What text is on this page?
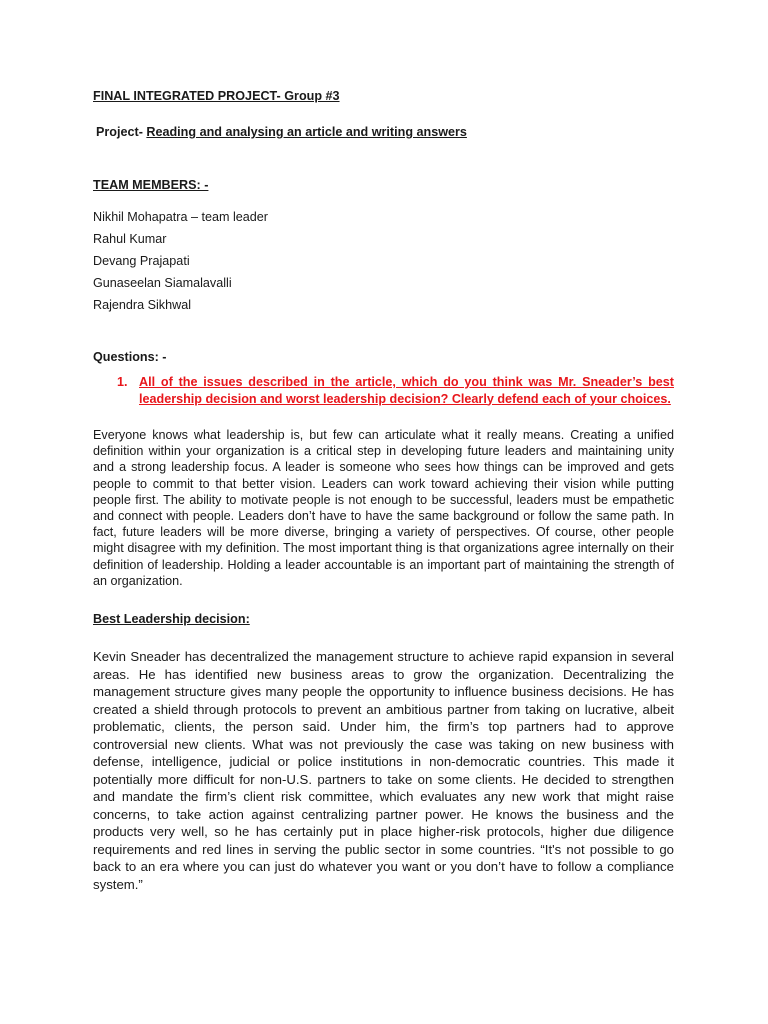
FINAL INTEGRATED PROJECT- Group #3
Project- Reading and analysing an article and writing answers
TEAM MEMBERS: -
Nikhil Mohapatra – team leader
Rahul Kumar
Devang Prajapati
Gunaseelan Siamalavalli
Rajendra Sikhwal
Questions: -
1. All of the issues described in the article, which do you think was Mr. Sneader’s best leadership decision and worst leadership decision? Clearly defend each of your choices.

Everyone knows what leadership is, but few can articulate what it really means. Creating a unified definition within your organization is a critical step in developing future leaders and maintaining unity and a strong leadership focus. A leader is someone who sees how things can be improved and gets people to commit to that better vision. Leaders can work toward achieving their vision while putting people first. The ability to motivate people is not enough to be successful, leaders must be empathetic and connect with people. Leaders don’t have to have the same background or follow the same path. In fact, future leaders will be more diverse, bringing a variety of perspectives. Of course, other people might disagree with my definition. The most important thing is that organizations agree internally on their definition of leadership. Holding a leader accountable is an important part of maintaining the strength of an organization.

Best Leadership decision:

Kevin Sneader has decentralized the management structure to achieve rapid expansion in several areas. He has identified new business areas to grow the organization. Decentralizing the management structure gives many people the opportunity to influence business decisions. He has created a shield through protocols to prevent an ambitious partner from taking on lucrative, albeit problematic, clients, the person said. Under him, the firm’s top partners had to approve controversial new clients. What was not previously the case was taking on new business with defense, intelligence, judicial or police institutions in non-democratic countries. This made it potentially more difficult for non-U.S. partners to take on some clients. He decided to strengthen and mandate the firm’s client risk committee, which evaluates any new work that might raise concerns, to take action against centralizing partner power. He knows the business and the products very well, so he has certainly put in place higher-risk protocols, higher due diligence requirements and red lines in serving the public sector in some countries. “It's not possible to go back to an era where you can just do whatever you want or you don’t have to follow a compliance system.”
